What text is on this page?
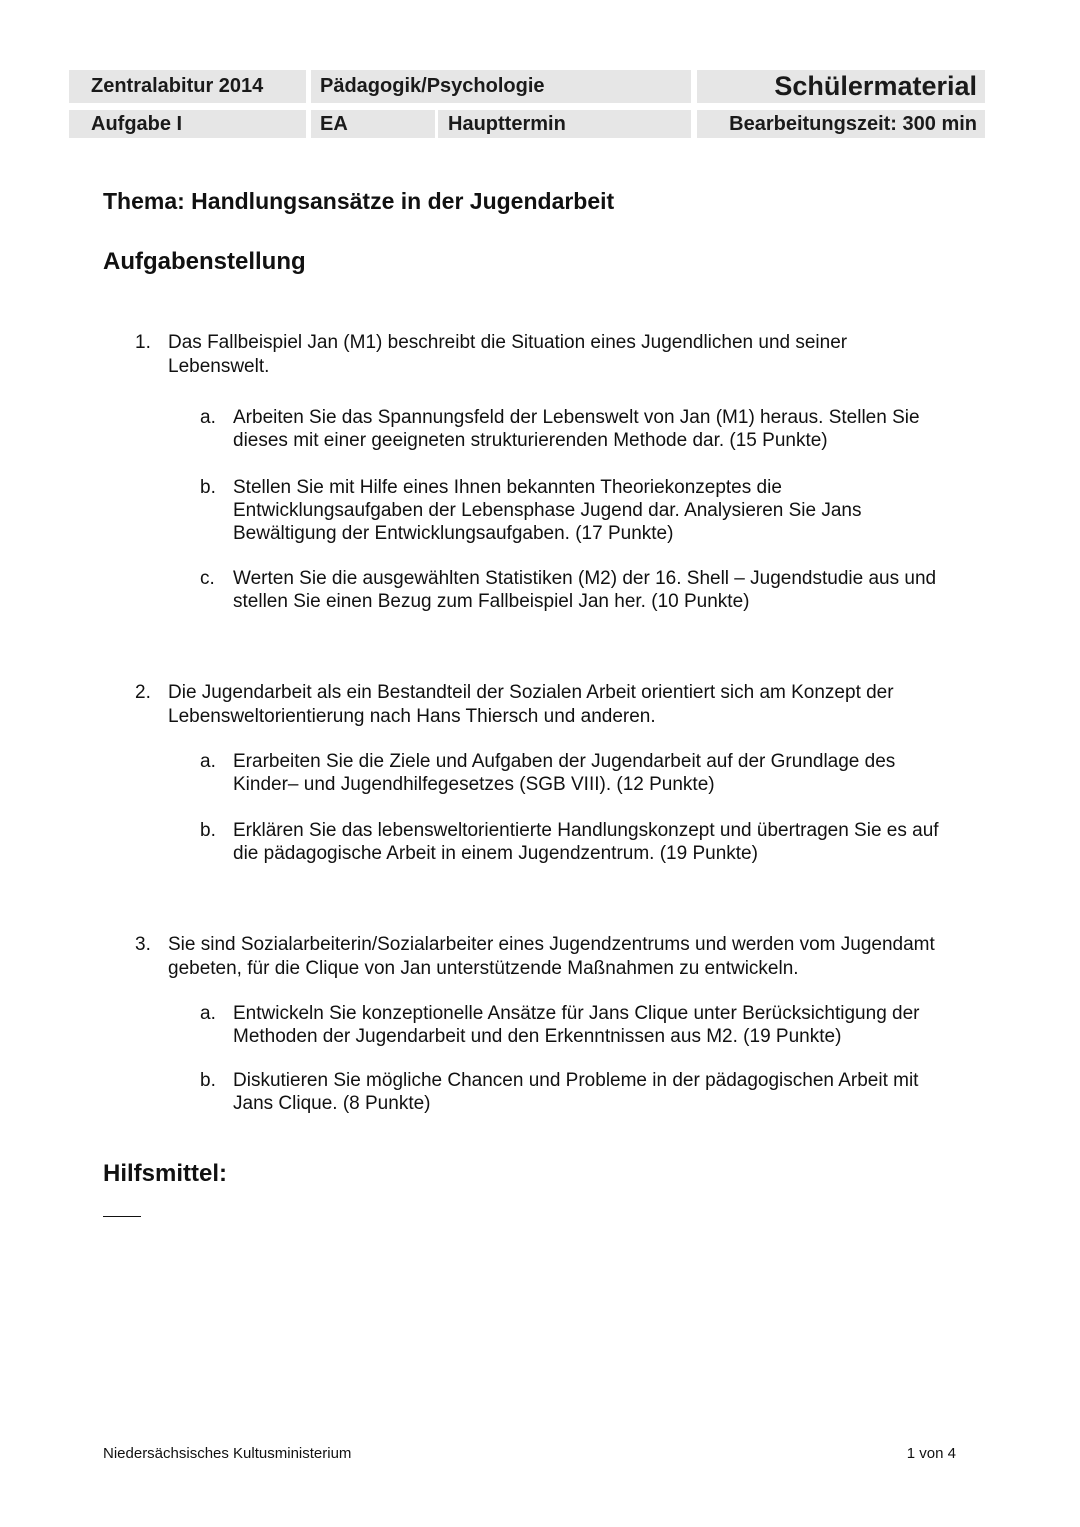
Zentralabitur 2014	Pädagogik/Psychologie	Schülermaterial
Aufgabe I	EA	Haupttermin	Bearbeitungszeit: 300 min
Thema: Handlungsansätze in der Jugendarbeit
Aufgabenstellung
1. Das Fallbeispiel Jan (M1) beschreibt die Situation eines Jugendlichen und seiner Lebenswelt.
a. Arbeiten Sie das Spannungsfeld der Lebenswelt von Jan (M1) heraus. Stellen Sie dieses mit einer geeigneten strukturierenden Methode dar. (15 Punkte)
b. Stellen Sie mit Hilfe eines Ihnen bekannten Theoriekonzeptes die Entwicklungsaufgaben der Lebensphase Jugend dar. Analysieren Sie Jans Bewältigung der Entwicklungsaufgaben. (17 Punkte)
c. Werten Sie die ausgewählten Statistiken (M2) der 16. Shell – Jugendstudie aus und stellen Sie einen Bezug zum Fallbeispiel Jan her. (10 Punkte)
2. Die Jugendarbeit als ein Bestandteil der Sozialen Arbeit orientiert sich am Konzept der Lebensweltorientierung nach Hans Thiersch und anderen.
a. Erarbeiten Sie die Ziele und Aufgaben der Jugendarbeit auf der Grundlage des Kinder– und Jugendhilfegesetzes (SGB VIII). (12 Punkte)
b. Erklären Sie das lebensweltorientierte Handlungskonzept und übertragen Sie es auf die pädagogische Arbeit in einem Jugendzentrum. (19 Punkte)
3. Sie sind Sozialarbeiterin/Sozialarbeiter eines Jugendzentrums und werden vom Jugendamt gebeten, für die Clique von Jan unterstützende Maßnahmen zu entwickeln.
a. Entwickeln Sie konzeptionelle Ansätze für Jans Clique unter Berücksichtigung der Methoden der Jugendarbeit und den Erkenntnissen aus M2. (19 Punkte)
b. Diskutieren Sie mögliche Chancen und Probleme in der pädagogischen Arbeit mit Jans Clique. (8 Punkte)
Hilfsmittel:
Niedersächsisches Kultusministerium	1 von 4
